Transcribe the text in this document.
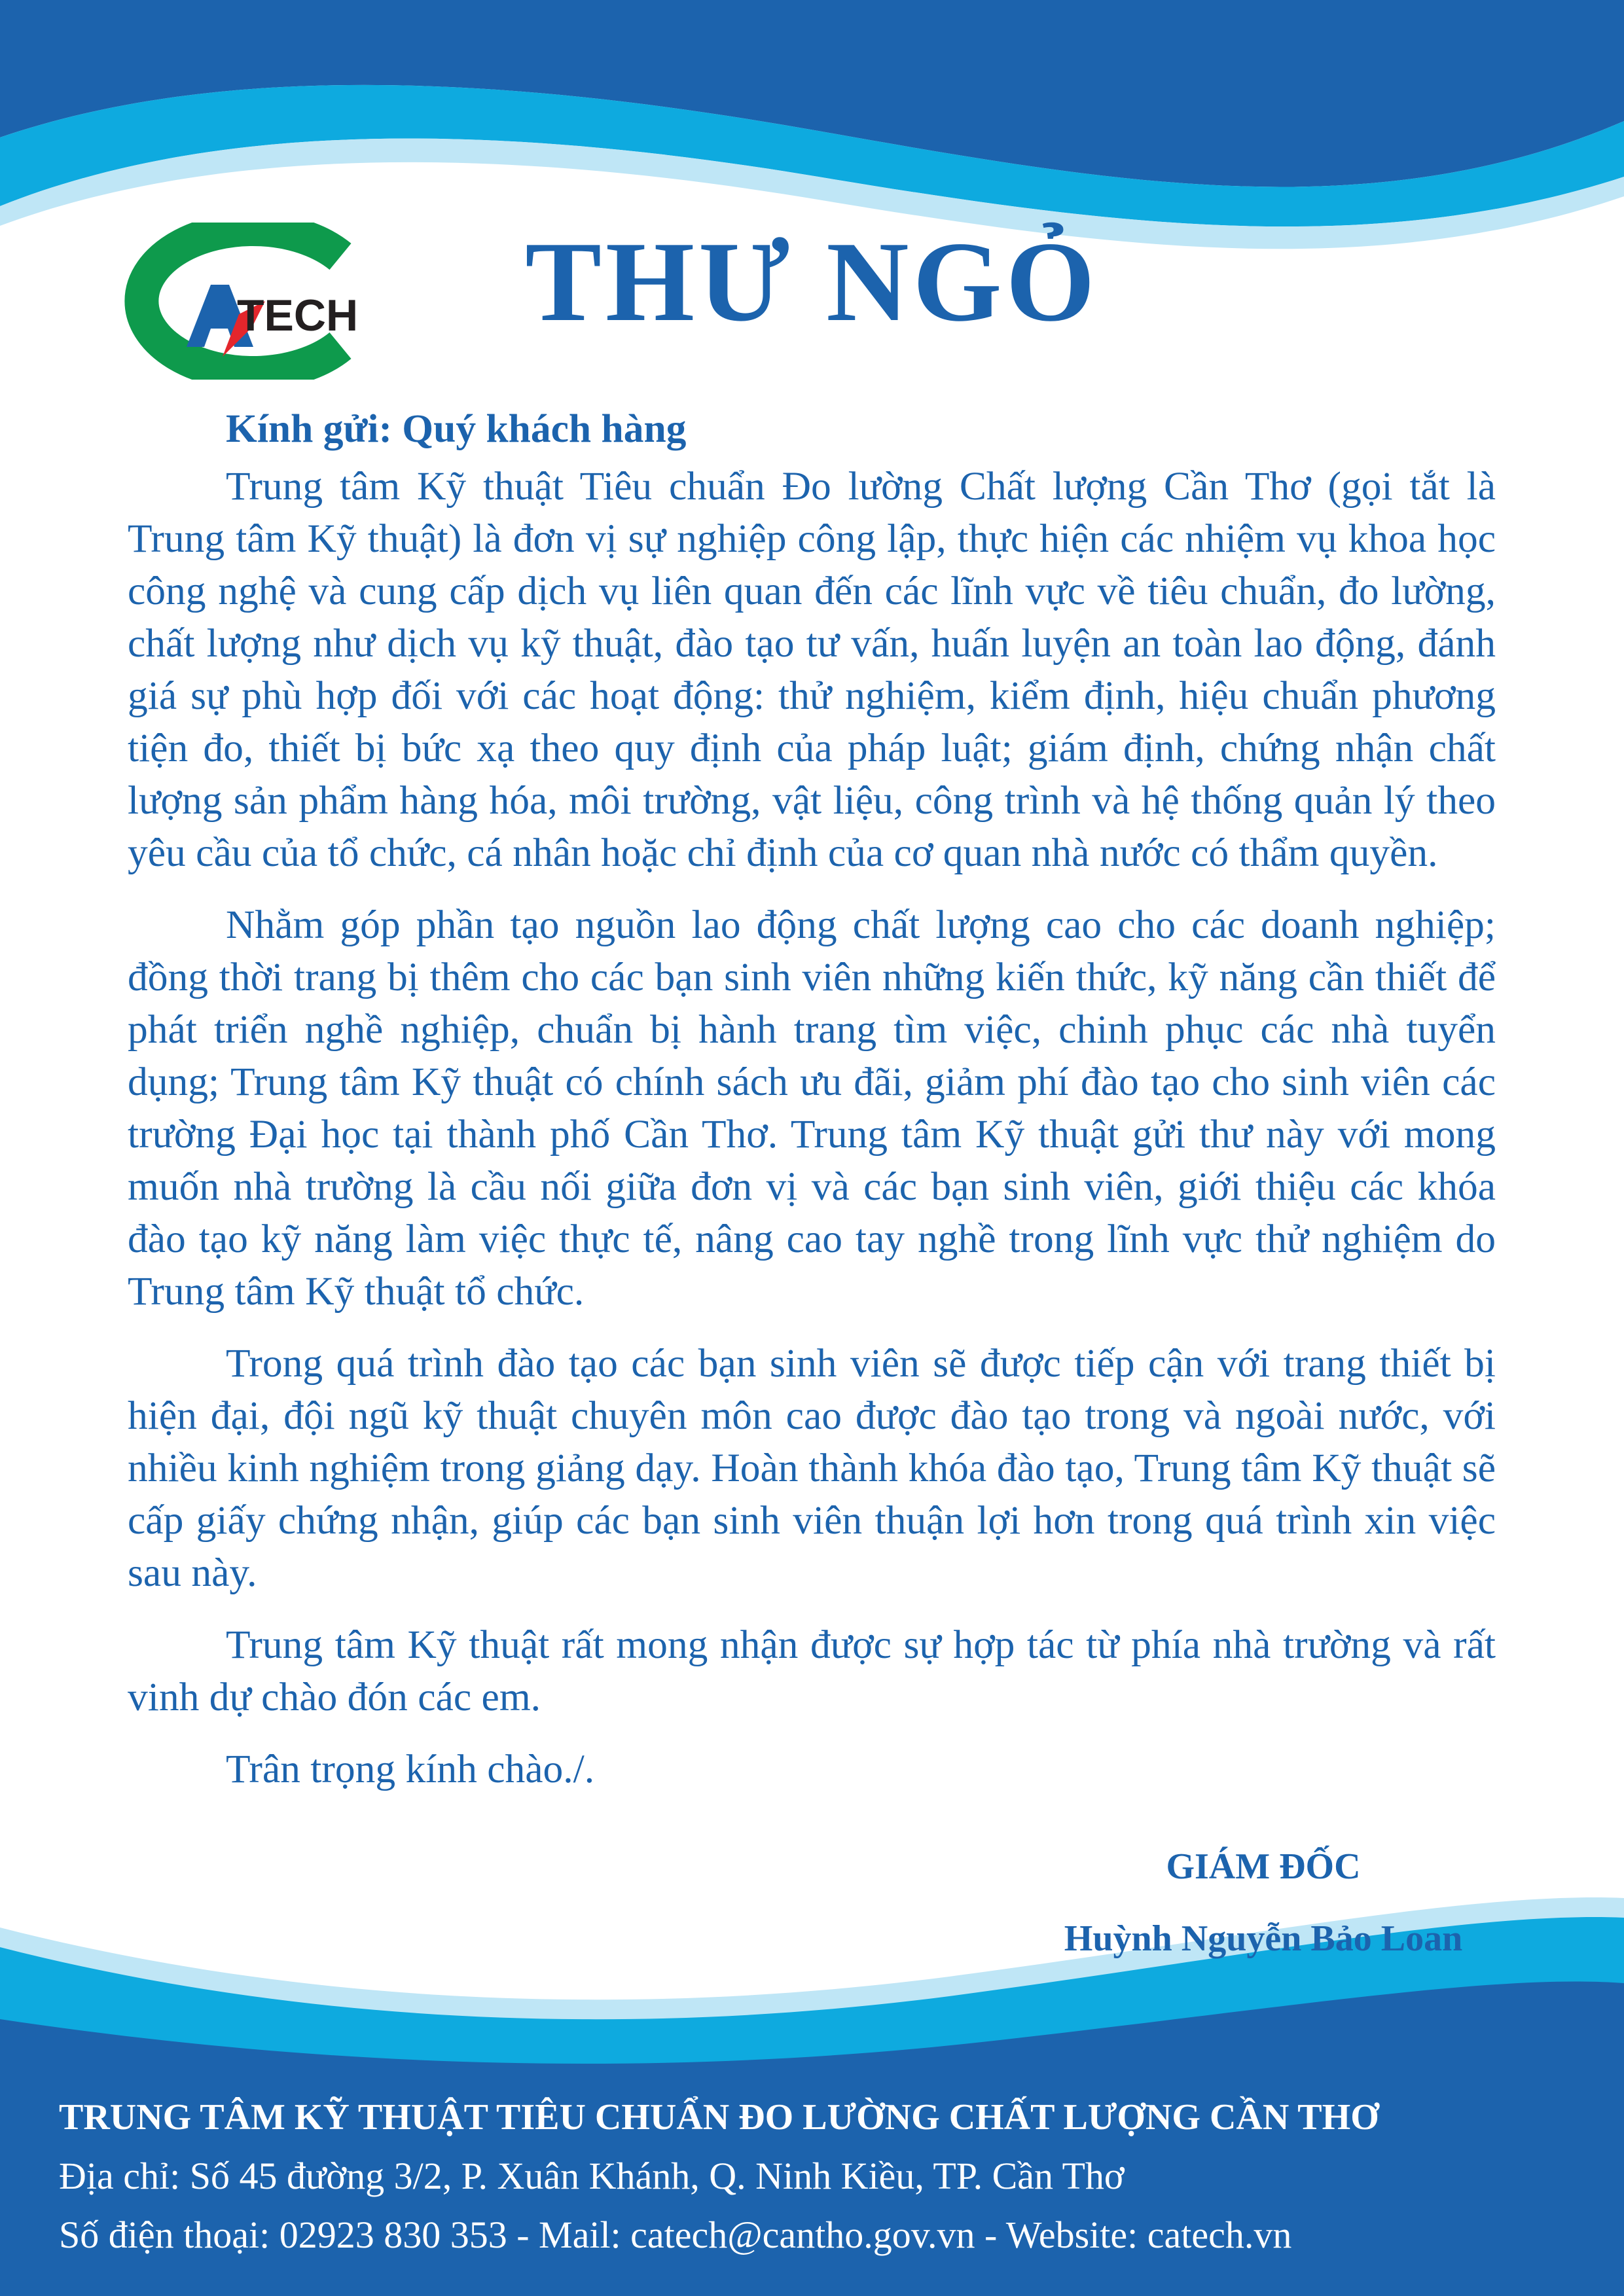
TECH	THƯ NGỎ

Kính gửi: Quý khách hàng

Trung tâm Kỹ thuật Tiêu chuẩn Đo lường Chất lượng Cần Thơ (gọi tắt là Trung tâm Kỹ thuật) là đơn vị sự nghiệp công lập, thực hiện các nhiệm vụ khoa học công nghệ và cung cấp dịch vụ liên quan đến các lĩnh vực về tiêu chuẩn, đo lường, chất lượng như dịch vụ kỹ thuật, đào tạo tư vấn, huấn luyện an toàn lao động, đánh giá sự phù hợp đối với các hoạt động: thử nghiệm, kiểm định, hiệu chuẩn phương tiện đo, thiết bị bức xạ theo quy định của pháp luật; giám định, chứng nhận chất lượng sản phẩm hàng hóa, môi trường, vật liệu, công trình và hệ thống quản lý theo yêu cầu của tổ chức, cá nhân hoặc chỉ định của cơ quan nhà nước có thẩm quyền.

Nhằm góp phần tạo nguồn lao động chất lượng cao cho các doanh nghiệp; đồng thời trang bị thêm cho các bạn sinh viên những kiến thức, kỹ năng cần thiết để phát triển nghề nghiệp, chuẩn bị hành trang tìm việc, chinh phục các nhà tuyển dụng; Trung tâm Kỹ thuật có chính sách ưu đãi, giảm phí đào tạo cho sinh viên các trường Đại học tại thành phố Cần Thơ. Trung tâm Kỹ thuật gửi thư này với mong muốn nhà trường là cầu nối giữa đơn vị và các bạn sinh viên, giới thiệu các khóa đào tạo kỹ năng làm việc thực tế, nâng cao tay nghề trong lĩnh vực thử nghiệm do Trung tâm Kỹ thuật tổ chức.

Trong quá trình đào tạo các bạn sinh viên sẽ được tiếp cận với trang thiết bị hiện đại, đội ngũ kỹ thuật chuyên môn cao được đào tạo trong và ngoài nước, với nhiều kinh nghiệm trong giảng dạy. Hoàn thành khóa đào tạo, Trung tâm Kỹ thuật sẽ cấp giấy chứng nhận, giúp các bạn sinh viên thuận lợi hơn trong quá trình xin việc sau này.

Trung tâm Kỹ thuật rất mong nhận được sự hợp tác từ phía nhà trường và rất vinh dự chào đón các em.

Trân trọng kính chào./.

GIÁM ĐỐC

Huỳnh Nguyễn Bảo Loan

TRUNG TÂM KỸ THUẬT TIÊU CHUẨN ĐO LƯỜNG CHẤT LƯỢNG CẦN THƠ

Địa chỉ: Số 45 đường 3/2, P. Xuân Khánh, Q. Ninh Kiều, TP. Cần Thơ

Số điện thoại: 02923 830 353 - Mail: catech@cantho.gov.vn - Website: catech.vn
